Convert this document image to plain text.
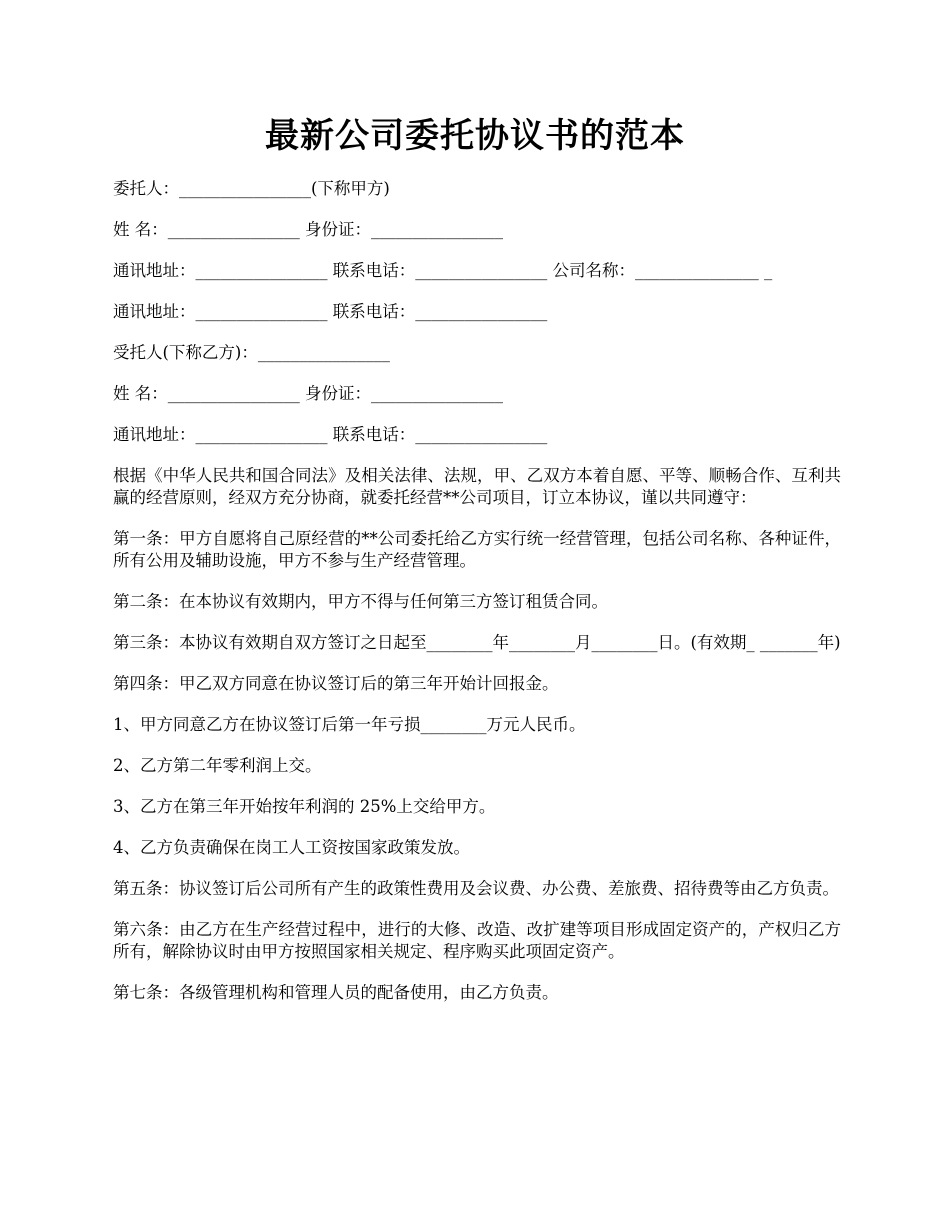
最新公司委托协议书的范本

委托人：________________(下称甲方)

姓 名：________________ 身份证：________________

通讯地址：________________ 联系电话：________________ 公司名称：_______________ _

通讯地址：________________ 联系电话：________________

受托人(下称乙方)：________________

姓 名：________________ 身份证：________________

通讯地址：________________ 联系电话：________________

根据《中华人民共和国合同法》及相关法律、法规，甲、乙双方本着自愿、平等、顺畅合作、互利共赢的经营原则，经双方充分协商，就委托经营**公司项目，订立本协议，谨以共同遵守：

第一条：甲方自愿将自己原经营的**公司委托给乙方实行统一经营管理，包括公司名称、各种证件，所有公用及辅助设施，甲方不参与生产经营管理。

第二条：在本协议有效期内，甲方不得与任何第三方签订租赁合同。

第三条：本协议有效期自双方签订之日起至________年________月________日。(有效期_ _______年)

第四条：甲乙双方同意在协议签订后的第三年开始计回报金。

1、甲方同意乙方在协议签订后第一年亏损________万元人民币。

2、乙方第二年零利润上交。

3、乙方在第三年开始按年利润的 25%上交给甲方。

4、乙方负责确保在岗工人工资按国家政策发放。

第五条：协议签订后公司所有产生的政策性费用及会议费、办公费、差旅费、招待费等由乙方负责。

第六条：由乙方在生产经营过程中，进行的大修、改造、改扩建等项目形成固定资产的，产权归乙方所有，解除协议时由甲方按照国家相关规定、程序购买此项固定资产。

第七条：各级管理机构和管理人员的配备使用，由乙方负责。
